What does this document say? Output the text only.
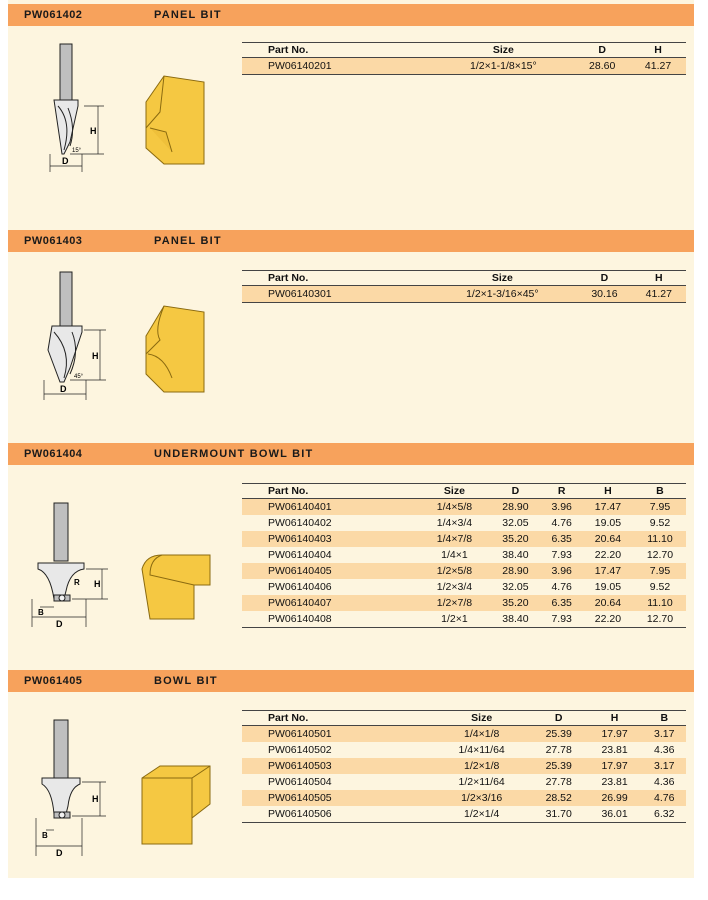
PW061402	PANEL BIT
H
D
15°
Part No.	Size	D	H
PW06140201	1/2×1-1/8×15°	28.60	41.27
PW061403	PANEL BIT
H
D
45°
Part No.	Size	D	H
PW06140301	1/2×1-3/16×45°	30.16	41.27
PW061404	UNDERMOUNT BOWL BIT
H
R
D
B
Part No.	Size	D	R	H	B
PW06140401	1/4×5/8	28.90	3.96	17.47	7.95
PW06140402	1/4×3/4	32.05	4.76	19.05	9.52
PW06140403	1/4×7/8	35.20	6.35	20.64	11.10
PW06140404	1/4×1	38.40	7.93	22.20	12.70
PW06140405	1/2×5/8	28.90	3.96	17.47	7.95
PW06140406	1/2×3/4	32.05	4.76	19.05	9.52
PW06140407	1/2×7/8	35.20	6.35	20.64	11.10
PW06140408	1/2×1	38.40	7.93	22.20	12.70
PW061405	BOWL BIT
H
D
B
Part No.	Size	D	H	B
PW06140501	1/4×1/8	25.39	17.97	3.17
PW06140502	1/4×11/64	27.78	23.81	4.36
PW06140503	1/2×1/8	25.39	17.97	3.17
PW06140504	1/2×11/64	27.78	23.81	4.36
PW06140505	1/2×3/16	28.52	26.99	4.76
PW06140506	1/2×1/4	31.70	36.01	6.32
